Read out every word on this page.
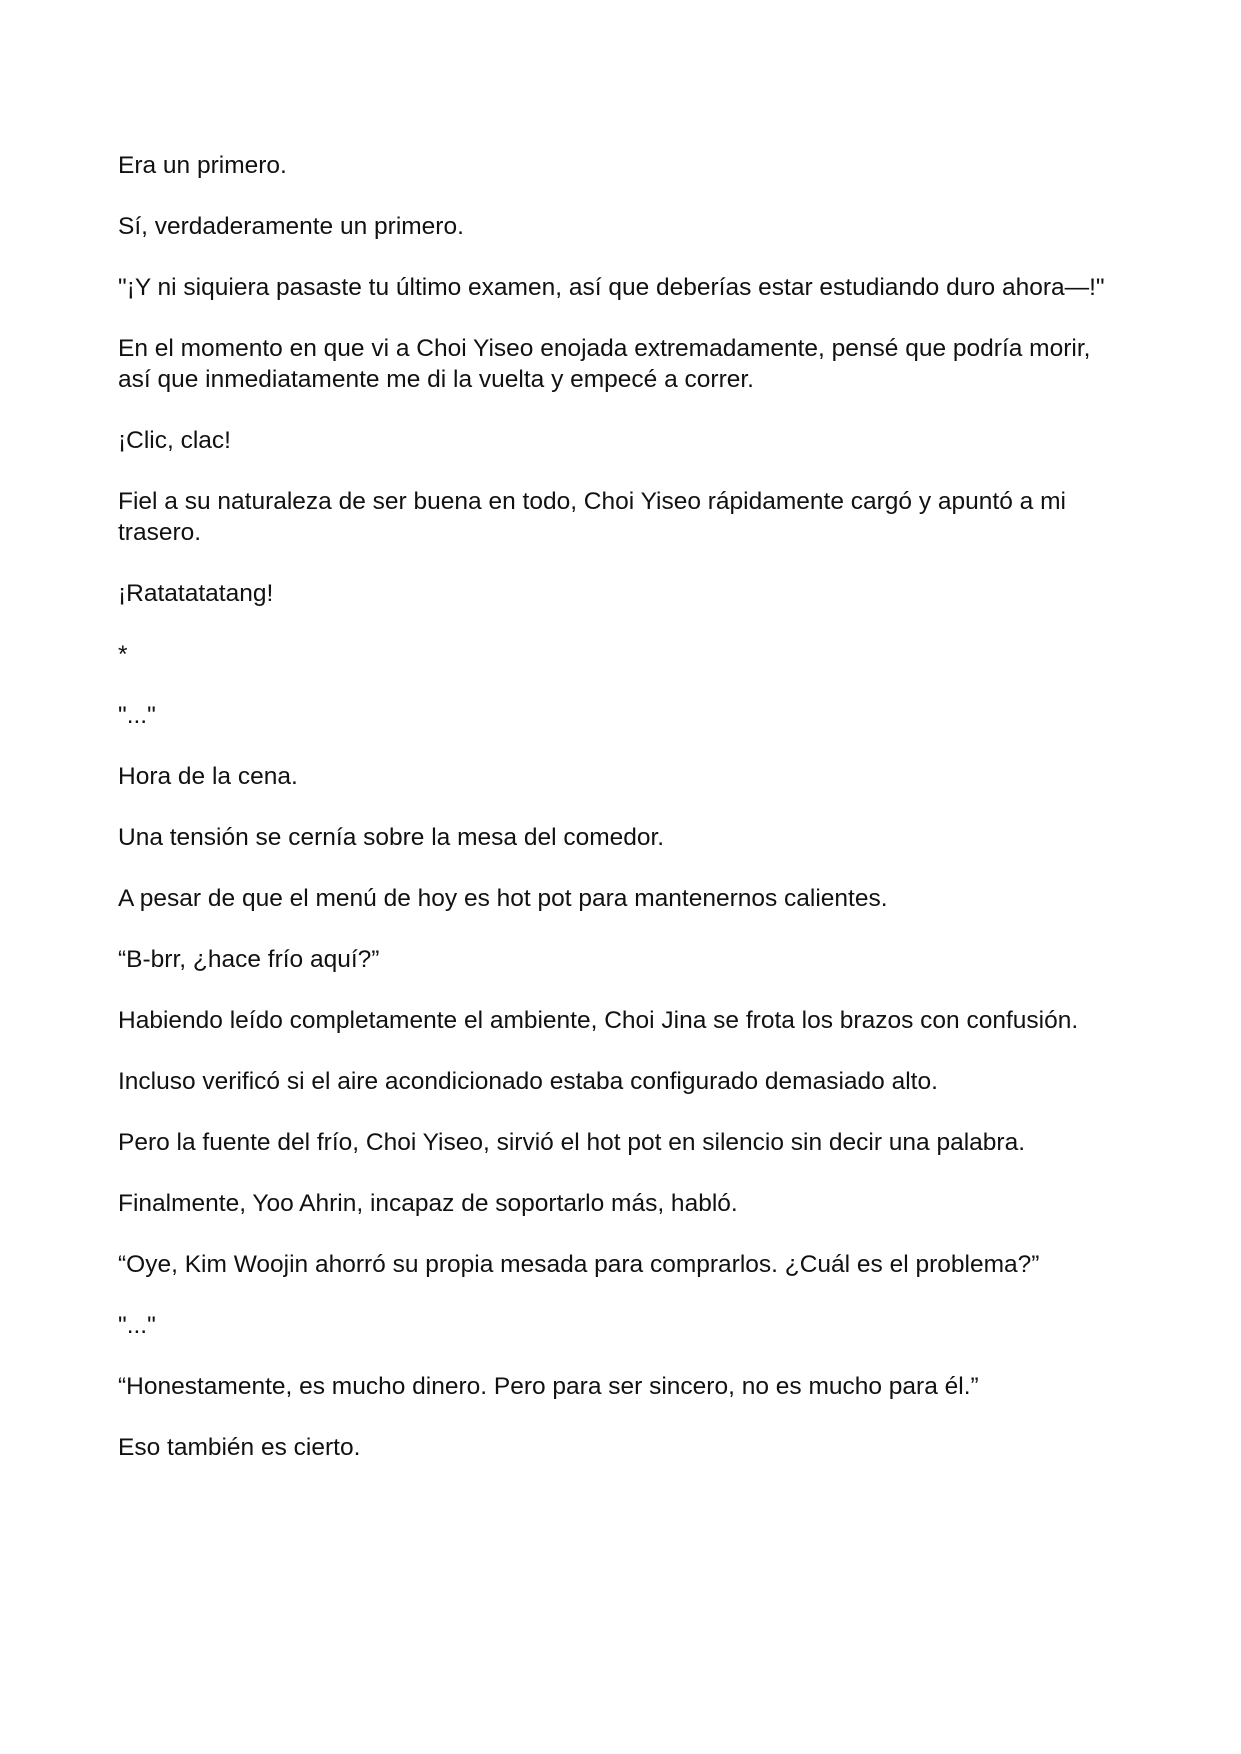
Era un primero.

Sí, verdaderamente un primero.

"¡Y ni siquiera pasaste tu último examen, así que deberías estar estudiando duro ahora—!"

En el momento en que vi a Choi Yiseo enojada extremadamente, pensé que podría morir, así que inmediatamente me di la vuelta y empecé a correr.

¡Clic, clac!

Fiel a su naturaleza de ser buena en todo, Choi Yiseo rápidamente cargó y apuntó a mi trasero.

¡Ratatatatang!

*

"..."

Hora de la cena.

Una tensión se cernía sobre la mesa del comedor.

A pesar de que el menú de hoy es hot pot para mantenernos calientes.

“B-brr, ¿hace frío aquí?”

Habiendo leído completamente el ambiente, Choi Jina se frota los brazos con confusión.

Incluso verificó si el aire acondicionado estaba configurado demasiado alto.

Pero la fuente del frío, Choi Yiseo, sirvió el hot pot en silencio sin decir una palabra.

Finalmente, Yoo Ahrin, incapaz de soportarlo más, habló.

“Oye, Kim Woojin ahorró su propia mesada para comprarlos. ¿Cuál es el problema?”

"..."

“Honestamente, es mucho dinero. Pero para ser sincero, no es mucho para él.”

Eso también es cierto.
